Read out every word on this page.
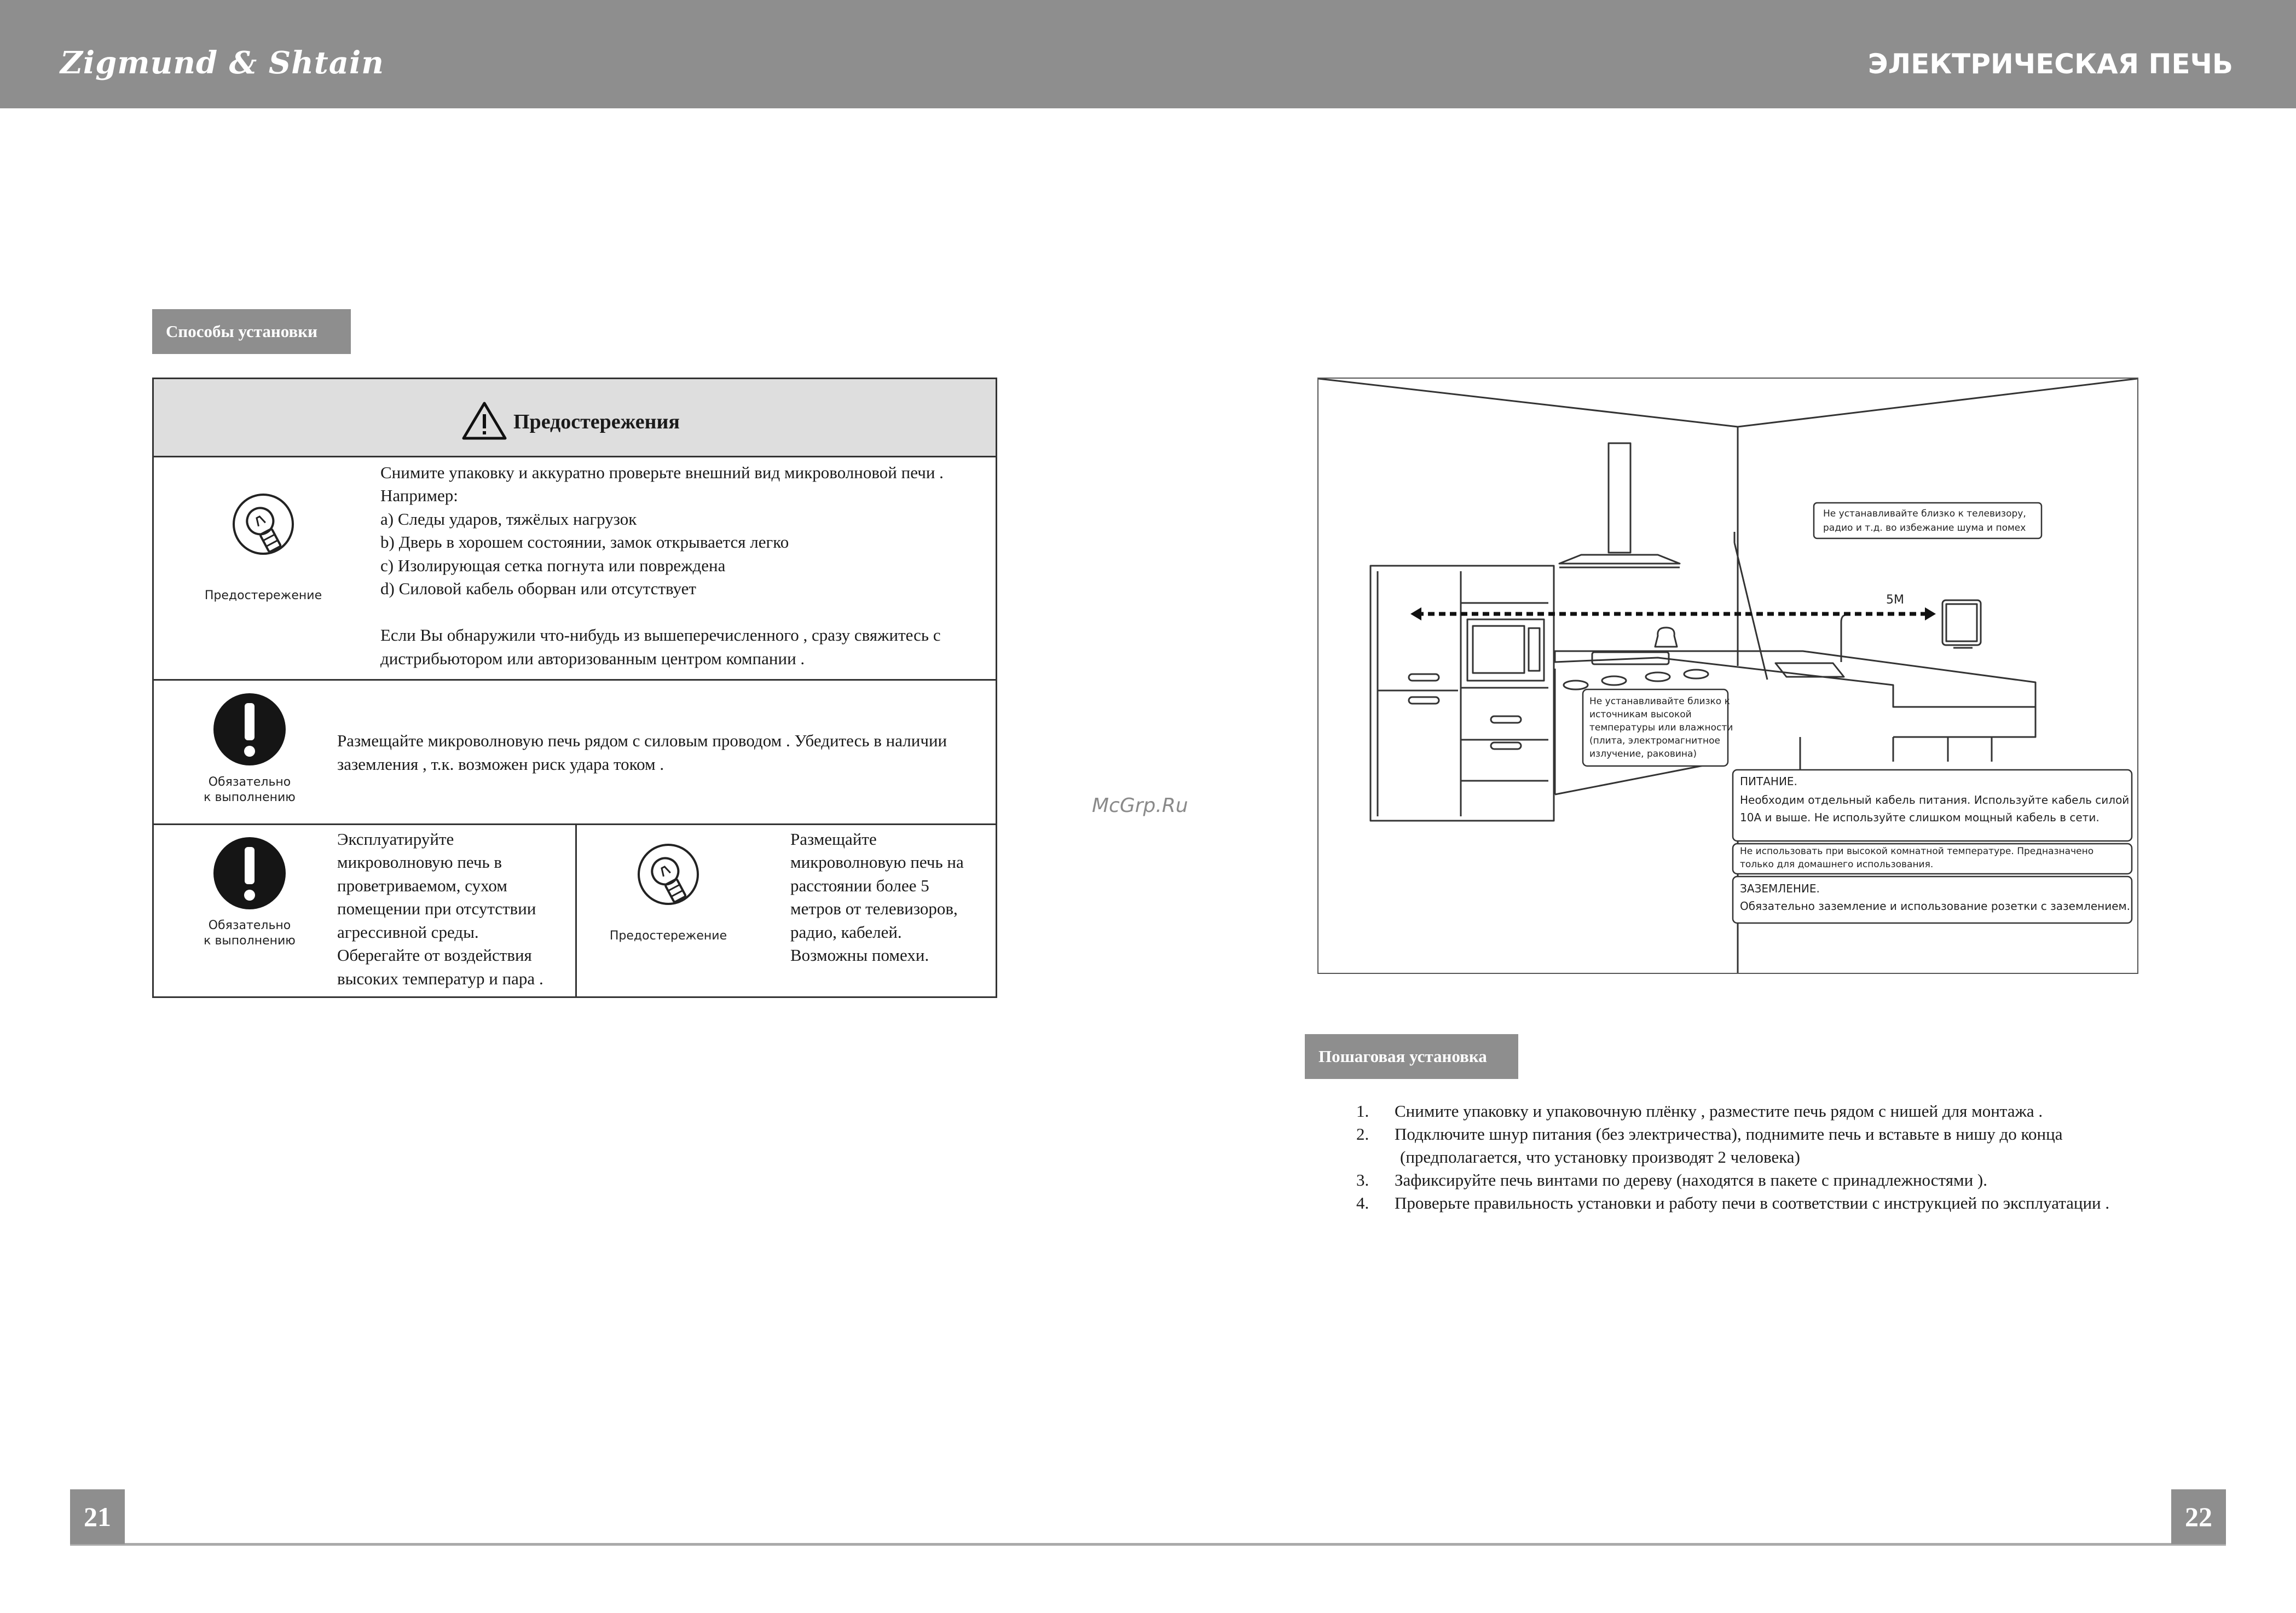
Zigmund & Shtain	ЭЛЕКТРИЧЕСКАЯ ПЕЧЬ
Способы установки
Предостережения
Предостережение
Снимите упаковку и аккуратно проверьте внешний вид микроволновой печи .
Например:
a) Следы ударов, тяжёлых нагрузок
b) Дверь в хорошем состоянии, замок открывается легко
c) Изолирующая сетка погнута или повреждена
d) Силовой кабель оборван или отсутствует
Если Вы обнаружили что-нибудь из вышеперечисленного , сразу свяжитесь с
дистрибьютором или авторизованным центром компании .
Обязательно
к выполнению
Размещайте микроволновую печь рядом с силовым проводом . Убедитесь в наличии
заземления , т.к. возможен риск удара током .
Обязательно
к выполнению
Эксплуатируйте
микроволновую печь в
проветриваемом, сухом
помещении при отсутствии
агрессивной среды.
Оберегайте от воздействия
высоких температур и пара .
Предостережение
Размещайте
микроволновую печь на
расстоянии более 5
метров от телевизоров,
радио, кабелей.
Возможны помехи.
McGrp.Ru
Не устанавливайте близко к телевизору,
радио и т.д. во избежание шума и помех
5M
Не устанавливайте близко к
источникам высокой
температуры или влажности
(плита, электромагнитное
излучение, раковина)
ПИТАНИЕ.
Необходим отдельный кабель питания. Используйте кабель силой
10А и выше. Не используйте слишком мощный кабель в сети.
Не использовать при высокой комнатной температуре. Предназначено
только для домашнего использования.
ЗАЗЕМЛЕНИЕ.
Обязательно заземление и использование розетки с заземлением.
Пошаговая установка
1. Снимите упаковку и упаковочную плёнку , разместите печь рядом с нишей для монтажа .
2. Подключите шнур питания (без электричества), поднимите печь и вставьте в нишу до конца
(предполагается, что установку производят 2 человека)
3. Зафиксируйте печь винтами по дереву (находятся в пакете с принадлежностями ).
4. Проверьте правильность установки и работу печи в соответствии с инструкцией по эксплуатации .
21	22
